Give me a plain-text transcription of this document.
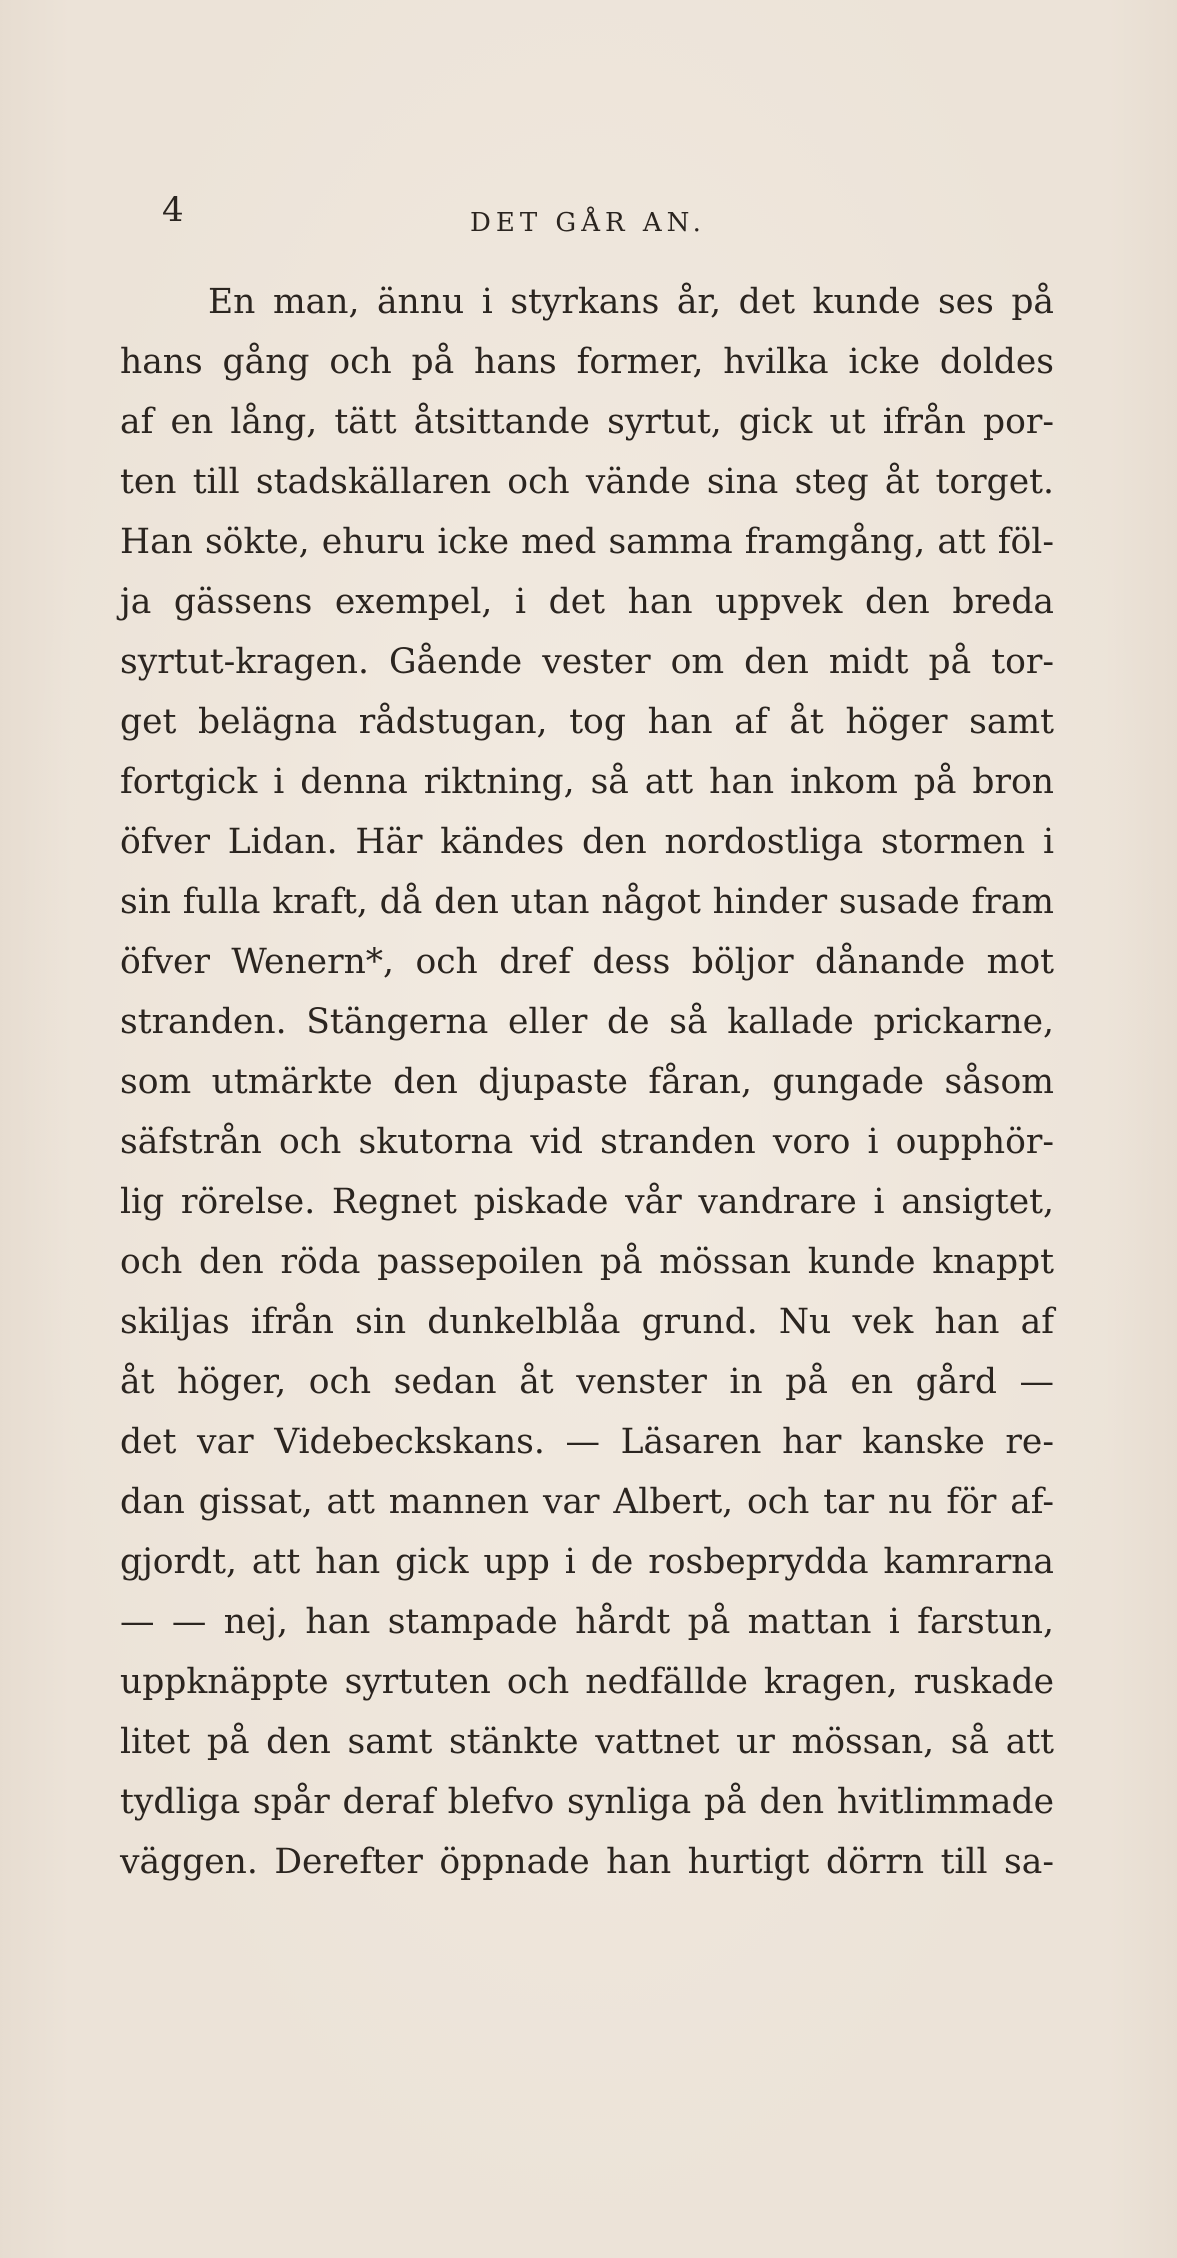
4	DET GÅR AN.
En man, ännu i styrkans år, det kunde ses på
hans gång och på hans former, hvilka icke doldes
af en lång, tätt åtsittande syrtut, gick ut ifrån por-
ten till stadskällaren och vände sina steg åt torget.
Han sökte, ehuru icke med samma framgång, att föl-
ja gässens exempel, i det han uppvek den breda
syrtut-kragen. Gående vester om den midt på tor-
get belägna rådstugan, tog han af åt höger samt
fortgick i denna riktning, så att han inkom på bron
öfver Lidan. Här kändes den nordostliga stormen i
sin fulla kraft, då den utan något hinder susade fram
öfver Wenern*, och dref dess böljor dånande mot
stranden. Stängerna eller de så kallade prickarne,
som utmärkte den djupaste fåran, gungade såsom
säfstrån och skutorna vid stranden voro i oupphör-
lig rörelse. Regnet piskade vår vandrare i ansigtet,
och den röda passepoilen på mössan kunde knappt
skiljas ifrån sin dunkelblåa grund. Nu vek han af
åt höger, och sedan åt venster in på en gård —
det var Videbeckskans. — Läsaren har kanske re-
dan gissat, att mannen var Albert, och tar nu för af-
gjordt, att han gick upp i de rosbeprydda kamrarna
— — nej, han stampade hårdt på mattan i farstun,
uppknäppte syrtuten och nedfällde kragen, ruskade
litet på den samt stänkte vattnet ur mössan, så att
tydliga spår deraf blefvo synliga på den hvitlimmade
väggen. Derefter öppnade han hurtigt dörrn till sa-
